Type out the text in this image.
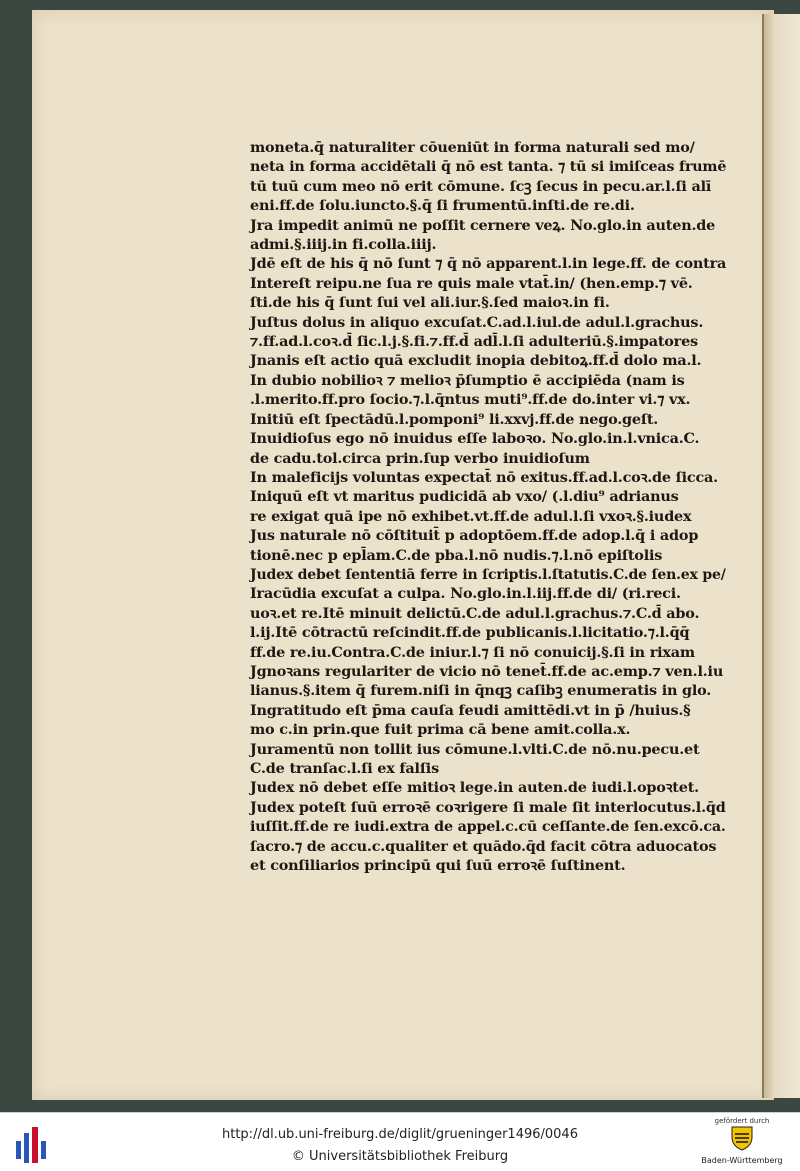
moneta.q̄ naturaliter cōueniūt in forma naturali sed mo/
neta in forma accidētali q̄ nō est tanta. ⁊ tū si imiſceas frumē
tū tuū cum meo nō erit cōmune. ſcꝫ ſecus in pecu.ar.l.ſi alī
eni.ff.de ſolu.iuncto.§.q̄ ſi frumentū.inſti.de re.di.
Jra impedit animū ne poſſit cernere veꝝ. No.glo.in auten.de
admi.§.iiij.in fi.colla.iiij.
Jdē eſt de his q̄ nō ſunt ⁊ q̄ nō apparent.l.in lege.ff. de contra
Intereſt reipu.ne ſua re quis male vtat̄.in/ (hen.emp.⁊ vē.
ſti.de his q̄ ſunt ſui vel ali.iur.§.ſed maioꝛ.in fi.
Juſtus dolus in aliquo excuſat.C.ad.l.iul.de adul.l.grachus.
⁊.ff.ad.l.coꝛ.d̄ ſic.l.j.§.fi.⁊.ff.d̄ adl̄.l.ſi adulteriū.§.impatores
Jnanis eſt actio quā excludit inopia debitoꝝ.ff.d̄ dolo ma.l.
In dubio nobilioꝛ ⁊ melioꝛ p̄ſumptio ē accipiēda (nam is
.l.merito.ff.pro ſocio.⁊.l.q̄ntus muti⁹.ff.de do.inter vi.⁊ vx.
Initiū eſt ſpectādū.l.pomponi⁹ li.xxvj.ff.de nego.geſt.
Inuidioſus ego nō inuidus eſſe laboꝛo. No.glo.in.l.vnica.C.
de cadu.tol.circa prin.ſup verbo inuidioſum
In maleficijs voluntas expectat̄ nō exitus.ff.ad.l.coꝛ.de ſicca.
Iniquū eſt vt maritus pudicidā ab vxo/ (.l.diu⁹ adrianus
re exigat quā ipe nō exhibet.vt.ff.de adul.l.ſi vxoꝛ.§.iudex
Jus naturale nō cōſtituit̄ p adoptōem.ff.de adop.l.q̄ i adop
tionē.nec p epl̄am.C.de pba.l.nō nudis.⁊.l.nō epiſtolis
Judex debet ſententiā ferre in ſcriptis.l.ſtatutis.C.de ſen.ex pe/
Iracūdia excuſat a culpa. No.glo.in.l.iij.ff.de di/ (ri.reci.
uoꝛ.et re.Itē minuit delictū.C.de adul.l.grachus.⁊.C.d̄ abo.
l.ij.Itē cōtractū reſcindit.ff.de publicanis.l.licitatio.⁊.l.q̄q̄
ff.de re.iu.Contra.C.de iniur.l.⁊ ſi nō conuicij.§.ſi in rixam
Jgnoꝛans regulariter de vicio nō tenet̄.ff.de ac.emp.⁊ ven.l.iu
lianus.§.item q̄ furem.niſi in q̄nqꝫ caſibꝫ enumeratis in glo.
Ingratitudo eſt p̄ma cauſa feudi amittēdi.vt in p̄ /huius.§
mo c.in prin.que fuit prima cā bene amit.colla.x.
Juramentū non tollit ius cōmune.l.vlti.C.de nō.nu.pecu.et
C.de tranſac.l.ſi ex falſis
Judex nō debet eſſe mitioꝛ lege.in auten.de iudi.l.opoꝛtet.
Judex poteſt ſuū erroꝛē coꝛrigere ſi male ſit interlocutus.l.q̄d
iuſſit.ff.de re iudi.extra de appel.c.cū ceſſante.de ſen.excō.ca.
ſacro.⁊ de accu.c.qualiter et quādo.q̄d facit cōtra aduocatos
et conſiliarios principū qui ſuū erroꝛē ſuſtinent.
http://dl.ub.uni-freiburg.de/diglit/grueninger1496/0046
© Universitätsbibliothek Freiburg
gefördert durch
Baden-Württemberg
